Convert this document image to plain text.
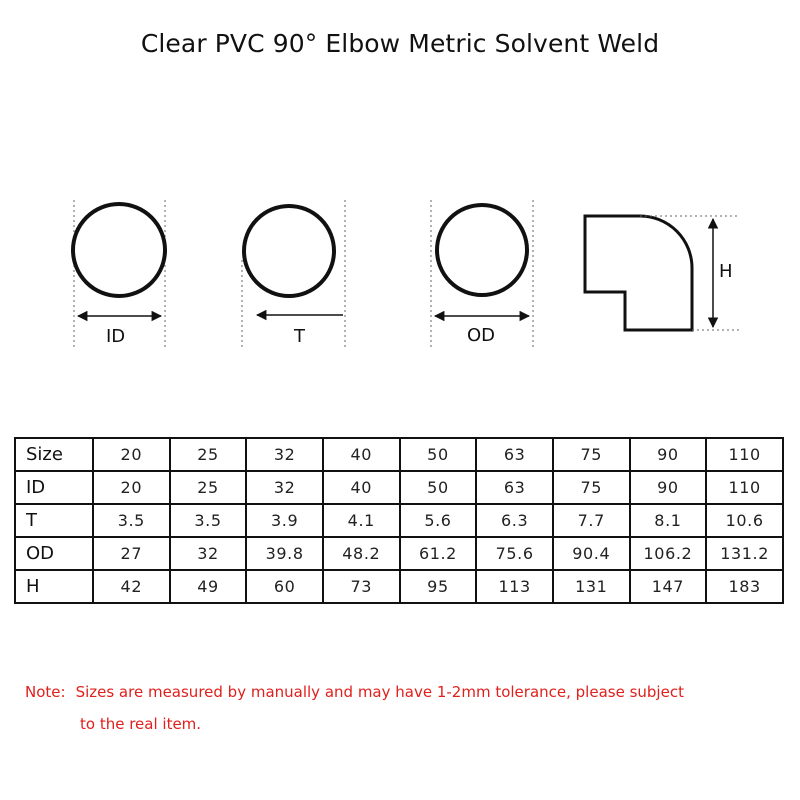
Clear PVC 90° Elbow Metric Solvent Weld
ID	T	OD
H
Size	20	25	32	40	50	63	75	90	110
ID	20	25	32	40	50	63	75	90	110
T	3.5	3.5	3.9	4.1	5.6	6.3	7.7	8.1	10.6
OD	27	32	39.8	48.2	61.2	75.6	90.4	106.2	131.2
H	42	49	60	73	95	113	131	147	183
Note: Sizes are measured by manually and may have 1-2mm tolerance, please subject
to the real item.
